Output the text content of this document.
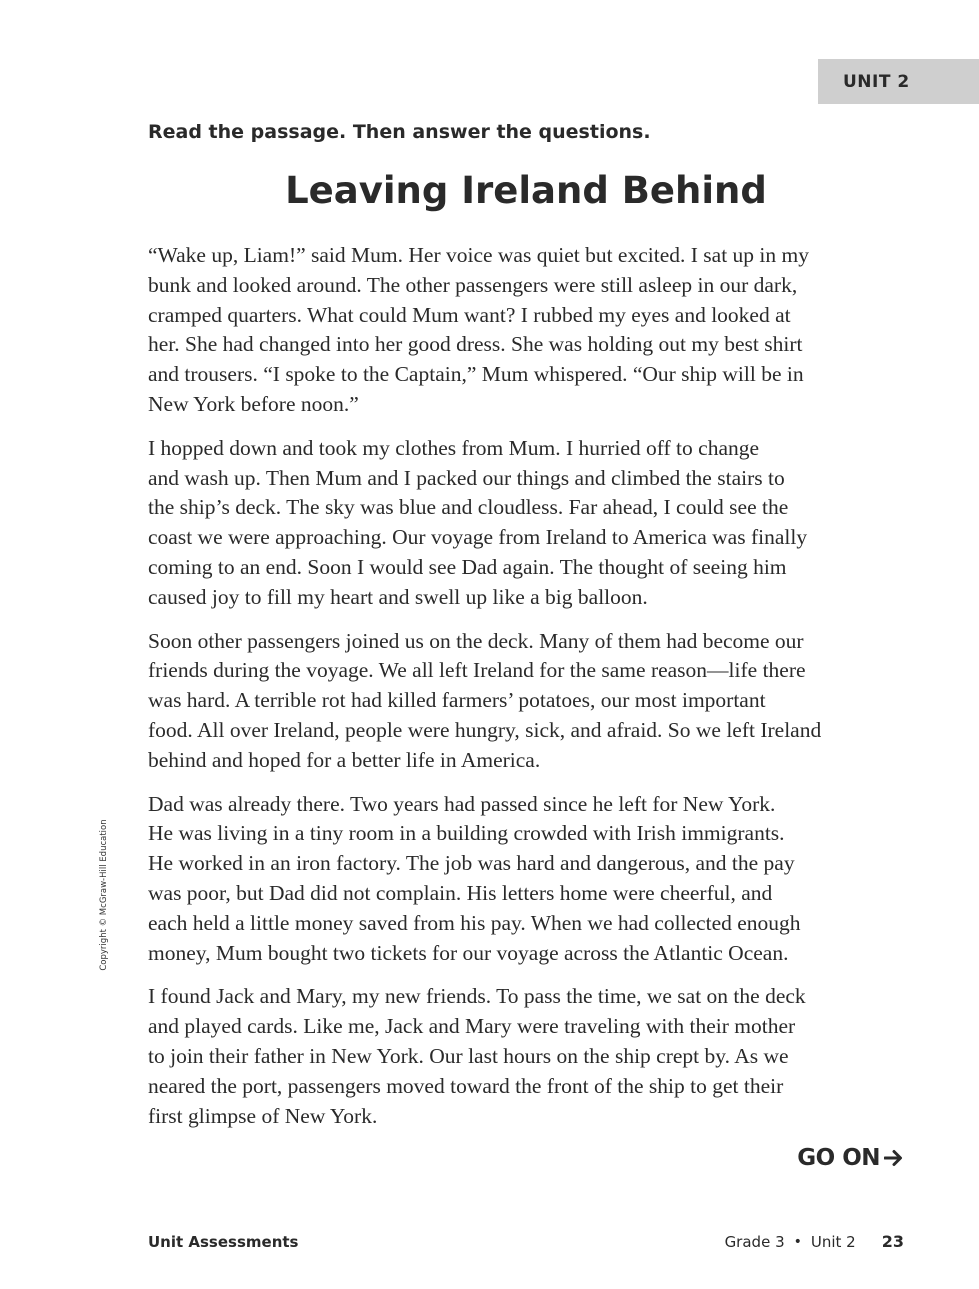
UNIT 2
Read the passage. Then answer the questions.
Leaving Ireland Behind
“Wake up, Liam!” said Mum. Her voice was quiet but excited. I sat up in my
bunk and looked around. The other passengers were still asleep in our dark,
cramped quarters. What could Mum want? I rubbed my eyes and looked at
her. She had changed into her good dress. She was holding out my best shirt
and trousers. “I spoke to the Captain,” Mum whispered. “Our ship will be in
New York before noon.”
I hopped down and took my clothes from Mum. I hurried off to change
and wash up. Then Mum and I packed our things and climbed the stairs to
the ship’s deck. The sky was blue and cloudless. Far ahead, I could see the
coast we were approaching. Our voyage from Ireland to America was finally
coming to an end. Soon I would see Dad again. The thought of seeing him
caused joy to fill my heart and swell up like a big balloon.
Soon other passengers joined us on the deck. Many of them had become our
friends during the voyage. We all left Ireland for the same reason—life there
was hard. A terrible rot had killed farmers’ potatoes, our most important
food. All over Ireland, people were hungry, sick, and afraid. So we left Ireland
behind and hoped for a better life in America.
Dad was already there. Two years had passed since he left for New York.
He was living in a tiny room in a building crowded with Irish immigrants.
He worked in an iron factory. The job was hard and dangerous, and the pay
was poor, but Dad did not complain. His letters home were cheerful, and
each held a little money saved from his pay. When we had collected enough
money, Mum bought two tickets for our voyage across the Atlantic Ocean.
I found Jack and Mary, my new friends. To pass the time, we sat on the deck
and played cards. Like me, Jack and Mary were traveling with their mother
to join their father in New York. Our last hours on the ship crept by. As we
neared the port, passengers moved toward the front of the ship to get their
first glimpse of New York.
Copyright © McGraw-Hill Education
GO ON
Unit Assessments	Grade 3 • Unit 2 23
